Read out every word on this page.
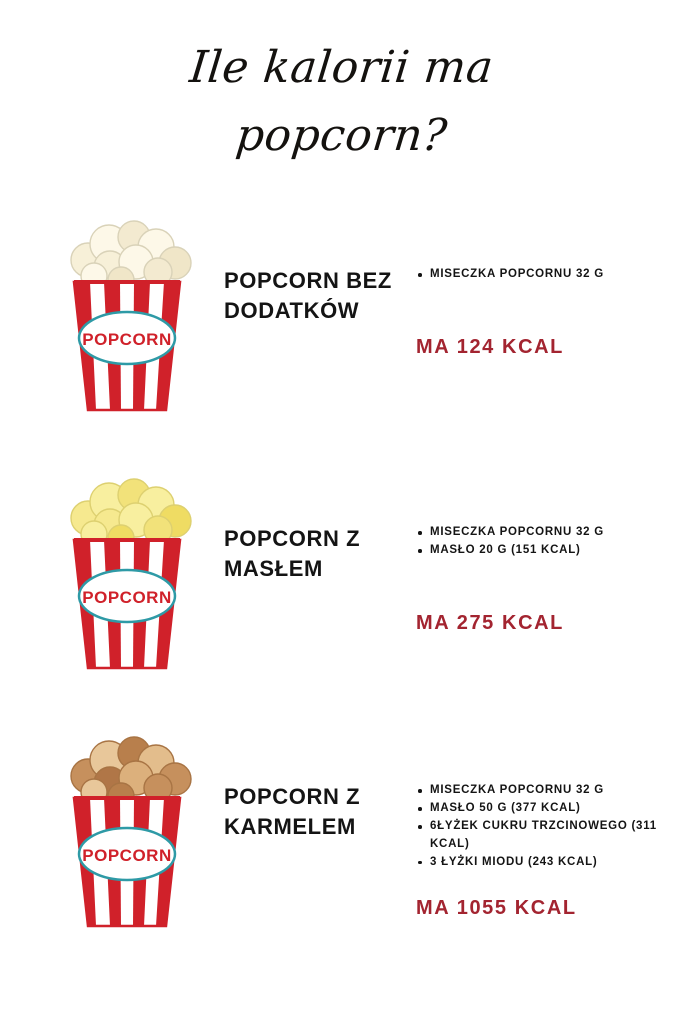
Ile kalorii ma
popcorn?
POPCORN
POPCORN BEZ DODATKÓW
MISECZKA POPCORNU 32 G
MA 124 KCAL
POPCORN
POPCORN Z MASŁEM
MISECZKA POPCORNU 32 G
MASŁO 20 G (151 KCAL)
MA 275 KCAL
POPCORN
POPCORN Z KARMELEM
MISECZKA POPCORNU 32 G
MASŁO 50 G (377 KCAL)
6ŁYŻEK CUKRU TRZCINOWEGO (311 KCAL)
3 ŁYŻKI MIODU (243 KCAL)
MA 1055 KCAL
